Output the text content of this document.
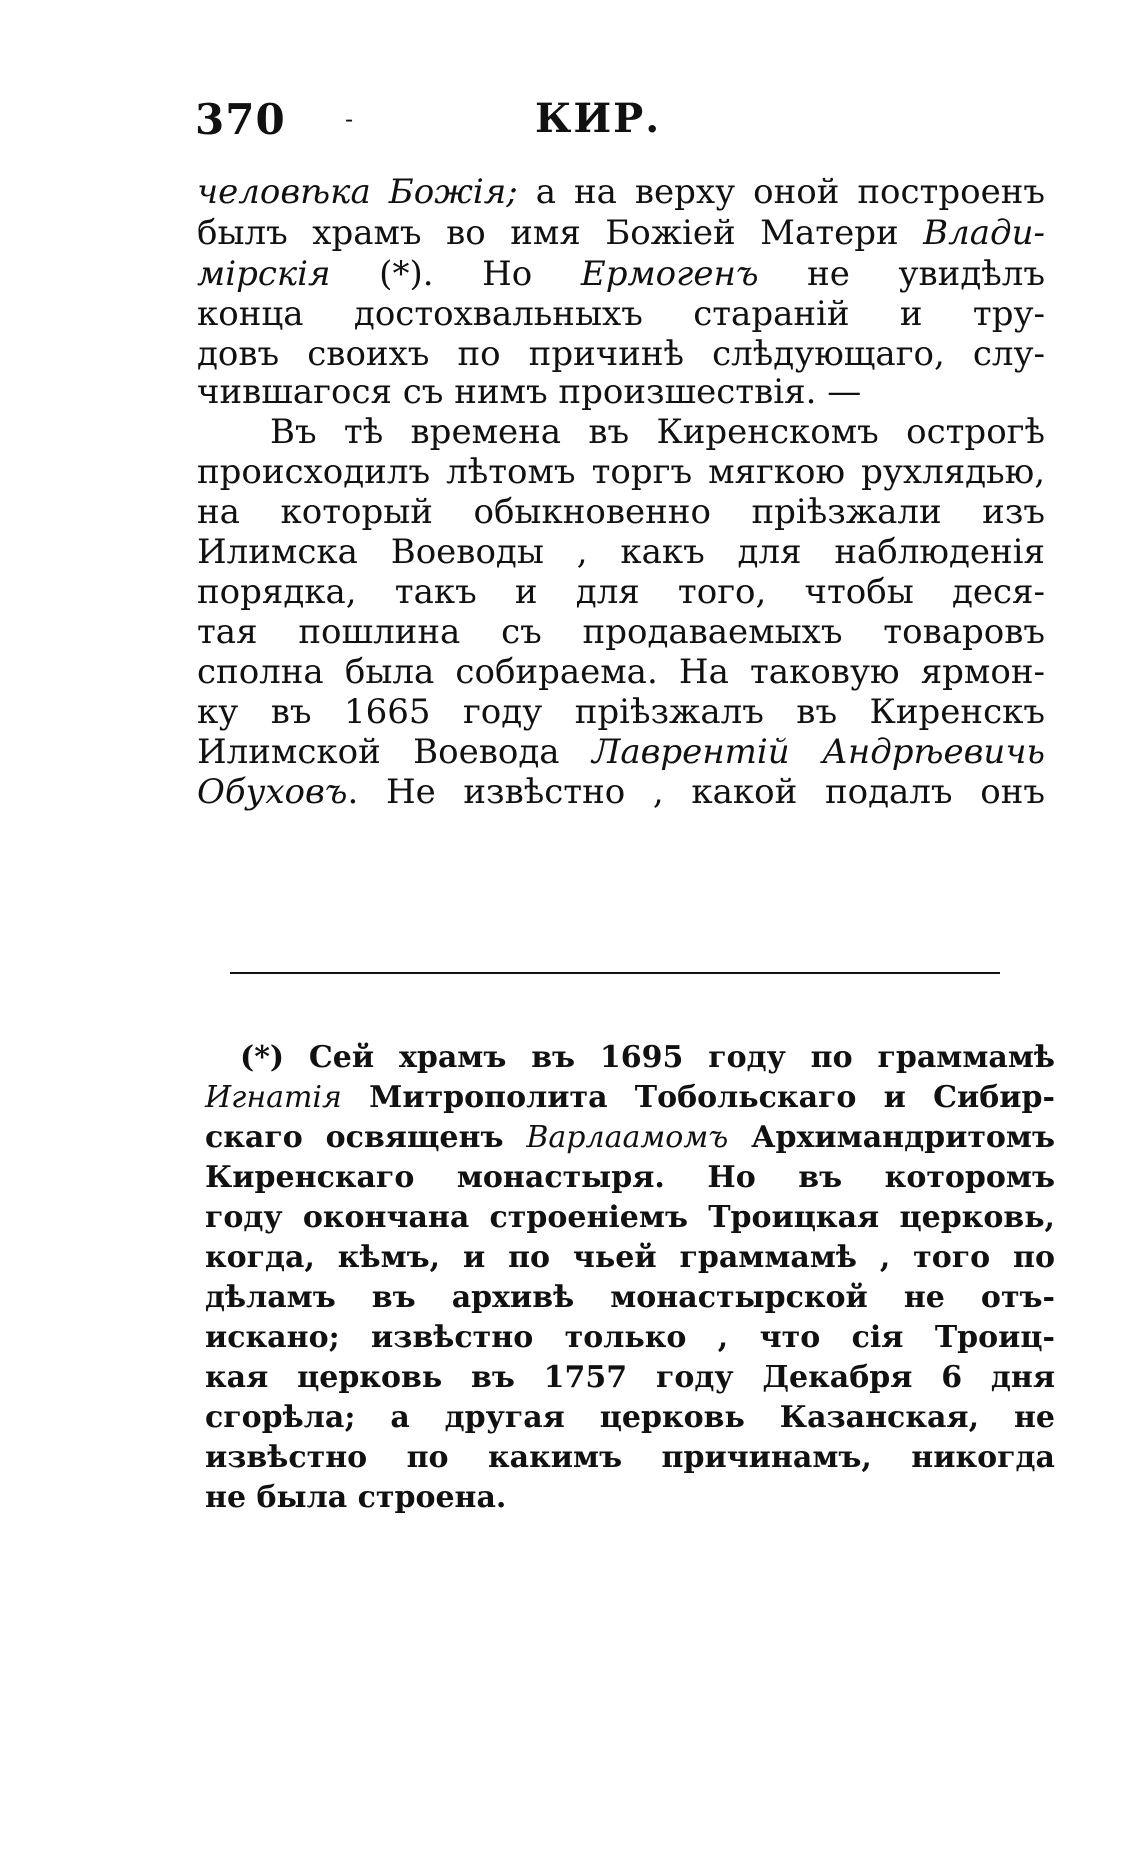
370 -	КИР.
человѣка Божія; а на верху оной построенъ
былъ храмъ во имя Божіей Матери Влади-
мірскія (*). Но Ермогенъ не увидѣлъ
конца достохвальныхъ стараній и тру-
довъ своихъ по причинѣ слѣдующаго, слу-
чившагося съ нимъ произшествія. —
Въ тѣ времена въ Киренскомъ острогѣ
происходилъ лѣтомъ торгъ мягкою рухлядью,
на который обыкновенно пріѣзжали изъ
Илимска Воеводы , какъ для наблюденія
порядка, такъ и для того, чтобы деся-
тая пошлина съ продаваемыхъ товаровъ
сполна была собираема. На таковую ярмон-
ку въ 1665 году пріѣзжалъ въ Киренскъ
Илимской Воевода Лаврентій Андрѣевичь
Обуховъ. Не извѣстно , какой подалъ онъ
(*) Сей храмъ въ 1695 году по граммамѣ
Игнатія Митрополита Тобольскаго и Сибир-
скаго освященъ Варлаамомъ Архимандритомъ
Киренскаго монастыря. Но въ которомъ
году окончана строеніемъ Троицкая церковь,
когда, кѣмъ, и по чьей граммамѣ , того по
дѣламъ въ архивѣ монастырской не отъ-
искано; извѣстно только , что сія Троиц-
кая церковь въ 1757 году Декабря 6 дня
сгорѣла; а другая церковь Казанская, не
извѣстно по какимъ причинамъ, никогда
не была строена.
